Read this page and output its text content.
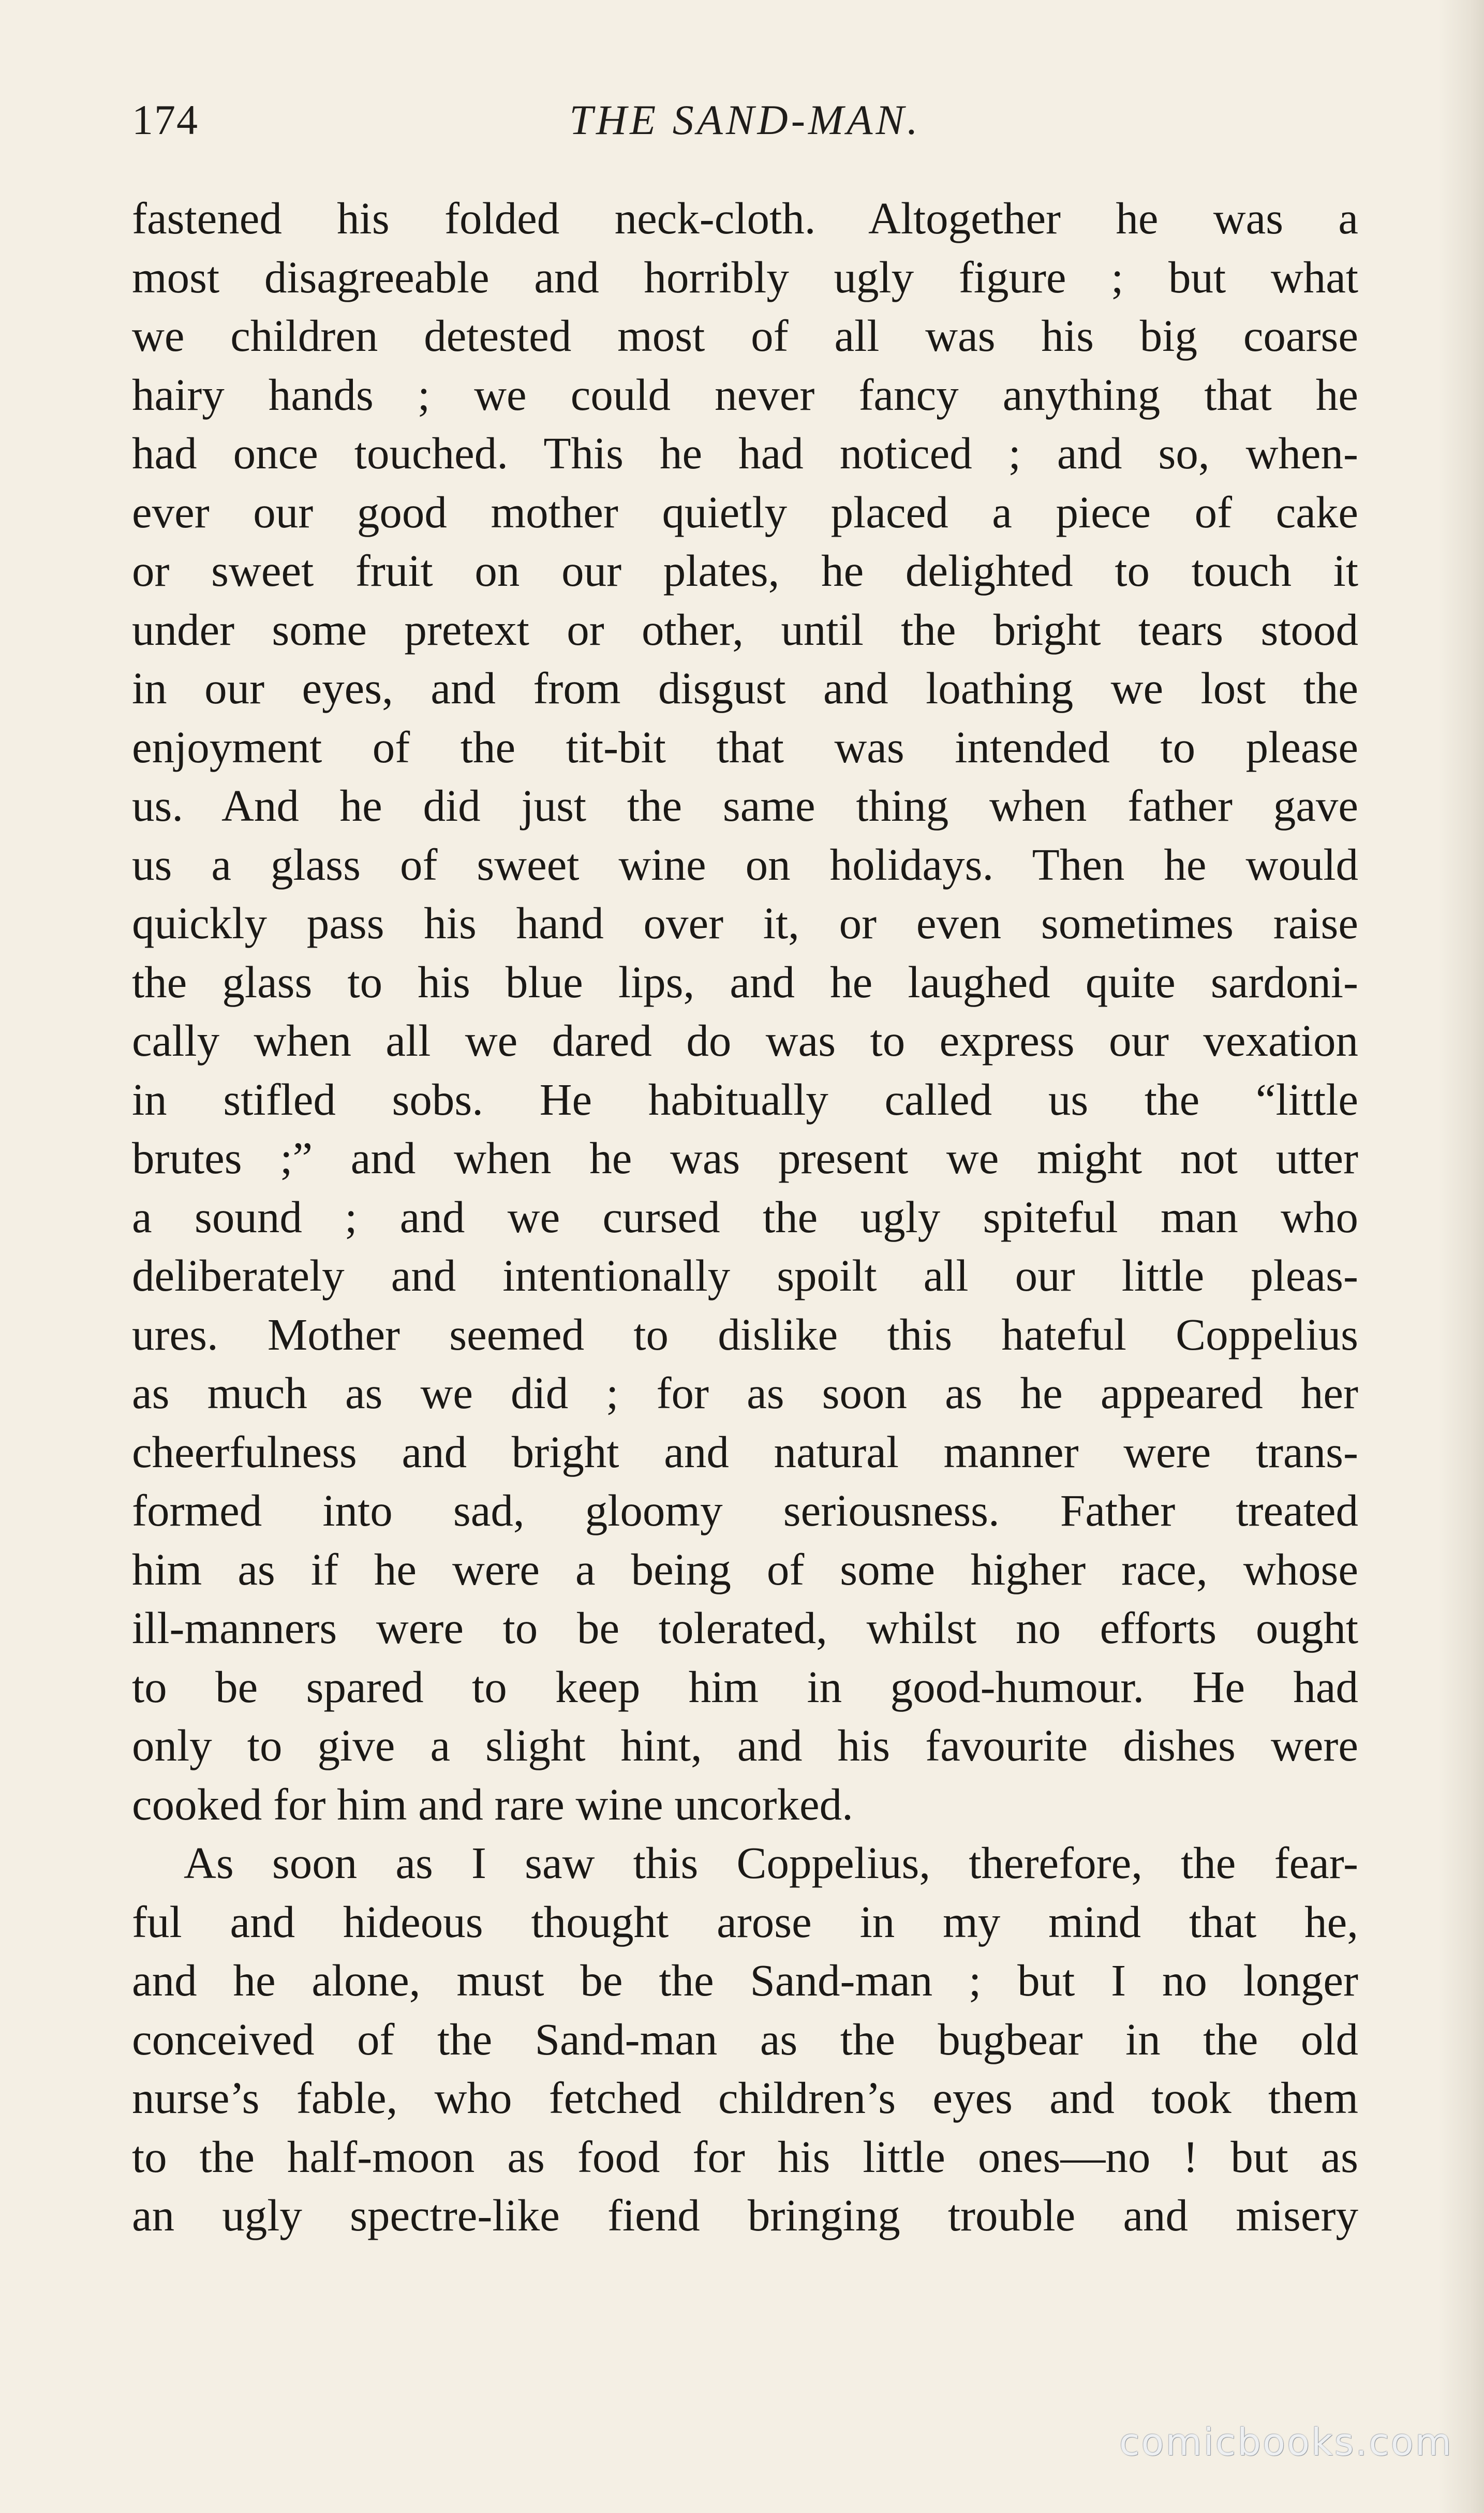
174	THE SAND-MAN.
fastened his folded neck-cloth. Altogether he was a
most disagreeable and horribly ugly figure ; but what
we children detested most of all was his big coarse
hairy hands ; we could never fancy anything that he
had once touched. This he had noticed ; and so, when-
ever our good mother quietly placed a piece of cake
or sweet fruit on our plates, he delighted to touch it
under some pretext or other, until the bright tears stood
in our eyes, and from disgust and loathing we lost the
enjoyment of the tit-bit that was intended to please
us. And he did just the same thing when father gave
us a glass of sweet wine on holidays. Then he would
quickly pass his hand over it, or even sometimes raise
the glass to his blue lips, and he laughed quite sardoni-
cally when all we dared do was to express our vexation
in stifled sobs. He habitually called us the “little
brutes ;” and when he was present we might not utter
a sound ; and we cursed the ugly spiteful man who
deliberately and intentionally spoilt all our little pleas-
ures. Mother seemed to dislike this hateful Coppelius
as much as we did ; for as soon as he appeared her
cheerfulness and bright and natural manner were trans-
formed into sad, gloomy seriousness. Father treated
him as if he were a being of some higher race, whose
ill-manners were to be tolerated, whilst no efforts ought
to be spared to keep him in good-humour. He had
only to give a slight hint, and his favourite dishes were
cooked for him and rare wine uncorked.
As soon as I saw this Coppelius, therefore, the fear-
ful and hideous thought arose in my mind that he,
and he alone, must be the Sand-man ; but I no longer
conceived of the Sand-man as the bugbear in the old
nurse’s fable, who fetched children’s eyes and took them
to the half-moon as food for his little ones—no ! but as
an ugly spectre-like fiend bringing trouble and misery
comicbooks.com
